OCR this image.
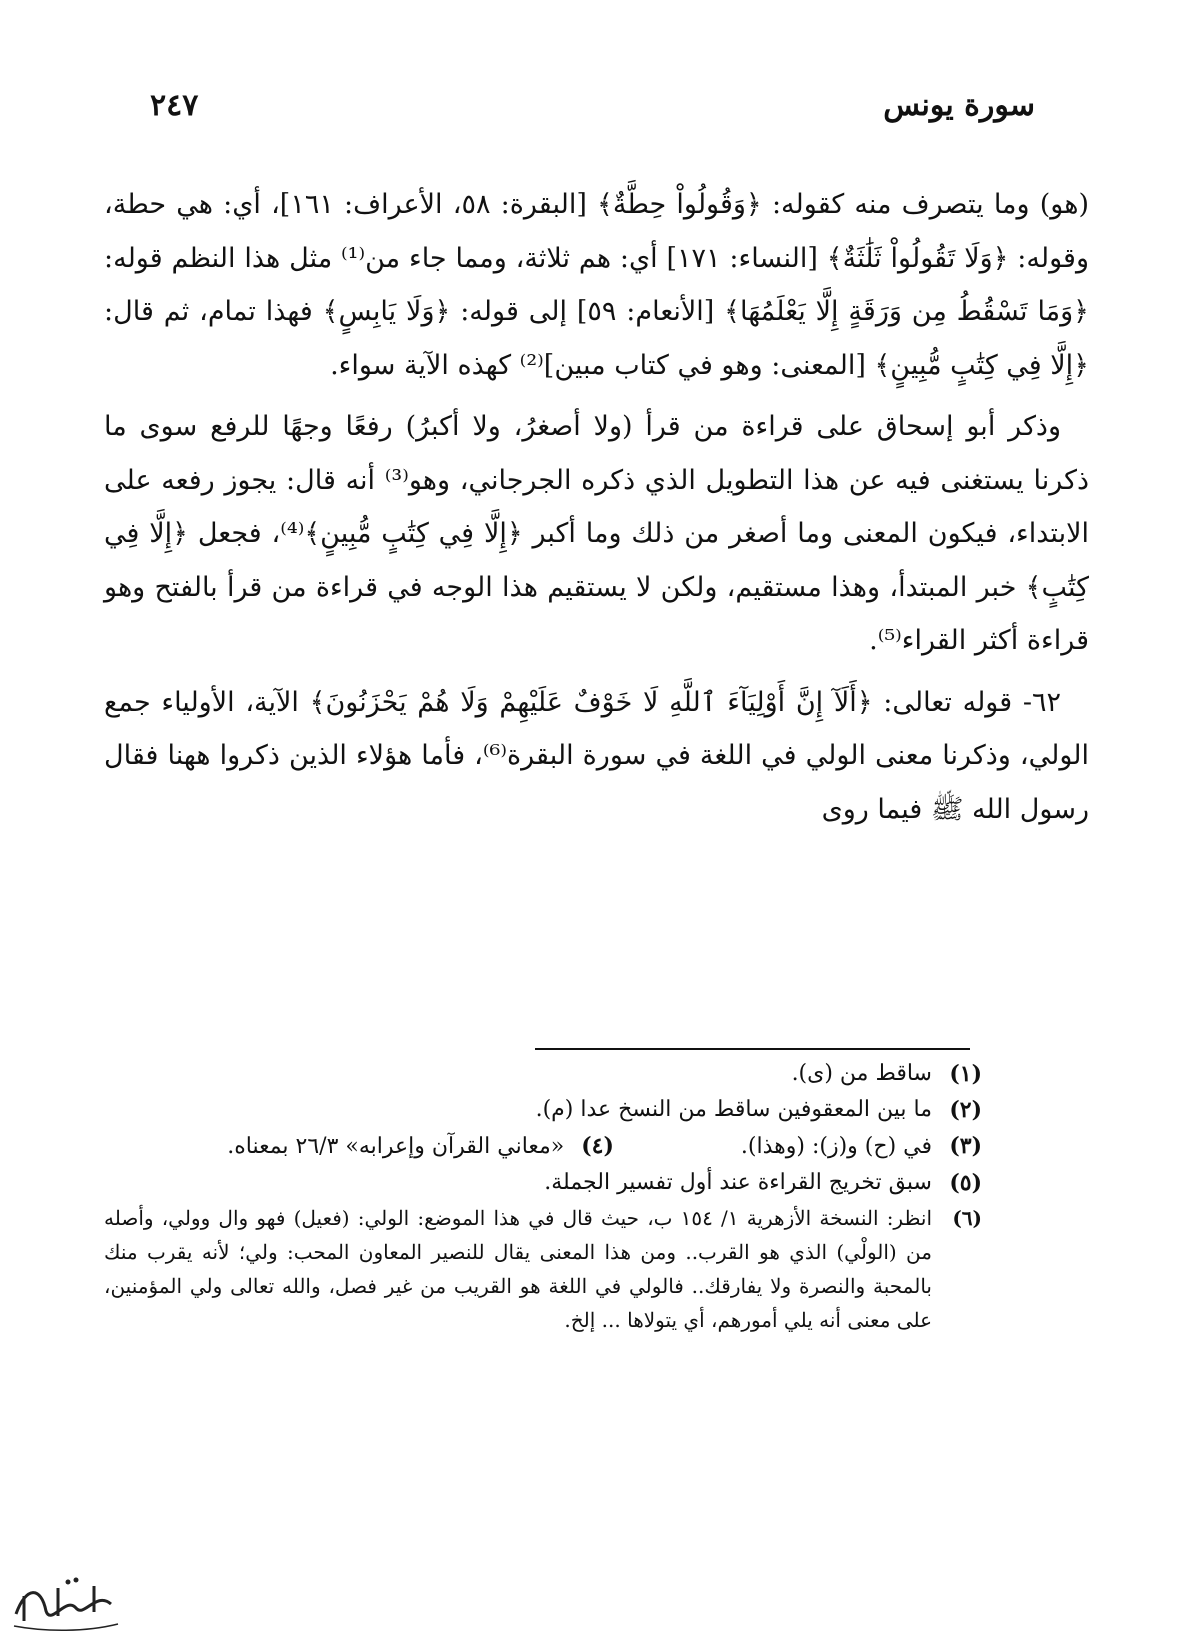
سورة يونس
٢٤٧

(هو) وما يتصرف منه كقوله: ﴿وَقُولُواْ حِطَّةٌ﴾ [البقرة: ٥٨، الأعراف: ١٦١]، أي: هي حطة، وقوله: ﴿وَلَا تَقُولُواْ ثَلَٰثَةٌ﴾ [النساء: ١٧١] أي: هم ثلاثة، ومما جاء من⁽¹⁾ مثل هذا النظم قوله: ﴿وَمَا تَسْقُطُ مِن وَرَقَةٍ إِلَّا يَعْلَمُهَا﴾ [الأنعام: ٥٩] إلى قوله: ﴿وَلَا يَابِسٍ﴾ فهذا تمام، ثم قال: ﴿إِلَّا فِي كِتَٰبٍ مُّبِينٍ﴾ [المعنى: وهو في كتاب مبين]⁽²⁾ كهذه الآية سواء.

وذكر أبو إسحاق على قراءة من قرأ (ولا أصغرُ، ولا أكبرُ) رفعًا وجهًا للرفع سوى ما ذكرنا يستغنى فيه عن هذا التطويل الذي ذكره الجرجاني، وهو⁽³⁾ أنه قال: يجوز رفعه على الابتداء، فيكون المعنى وما أصغر من ذلك وما أكبر ﴿إِلَّا فِي كِتَٰبٍ مُّبِينٍ﴾⁽⁴⁾، فجعل ﴿إِلَّا فِي كِتَٰبٍ﴾ خبر المبتدأ، وهذا مستقيم، ولكن لا يستقيم هذا الوجه في قراءة من قرأ بالفتح وهو قراءة أكثر القراء⁽⁵⁾.

٦٢- قوله تعالى: ﴿أَلَآ إِنَّ أَوْلِيَآءَ ٱللَّهِ لَا خَوْفٌ عَلَيْهِمْ وَلَا هُمْ يَحْزَنُونَ﴾ الآية، الأولياء جمع الولي، وذكرنا معنى الولي في اللغة في سورة البقرة⁽⁶⁾، فأما هؤلاء الذين ذكروا ههنا فقال رسول الله ﷺ فيما روى

(١)
ساقط من (ى).
(٢)
ما بين المعقوفين ساقط من النسخ عدا (م).
(٣)
في (ح) و(ز): (وهذا). (٤) «معاني القرآن وإعرابه» ٢٦/٣ بمعناه.
(٥)
سبق تخريج القراءة عند أول تفسير الجملة.
(٦)
انظر: النسخة الأزهرية ١/ ١٥٤ ب، حيث قال في هذا الموضع: الولي: (فعيل) فهو وال وولي، وأصله من (الولْي) الذي هو القرب.. ومن هذا المعنى يقال للنصير المعاون المحب: ولي؛ لأنه يقرب منك بالمحبة والنصرة ولا يفارقك.. فالولي في اللغة هو القريب من غير فصل، والله تعالى ولي المؤمنين، على معنى أنه يلي أمورهم، أي يتولاها ... إلخ.
